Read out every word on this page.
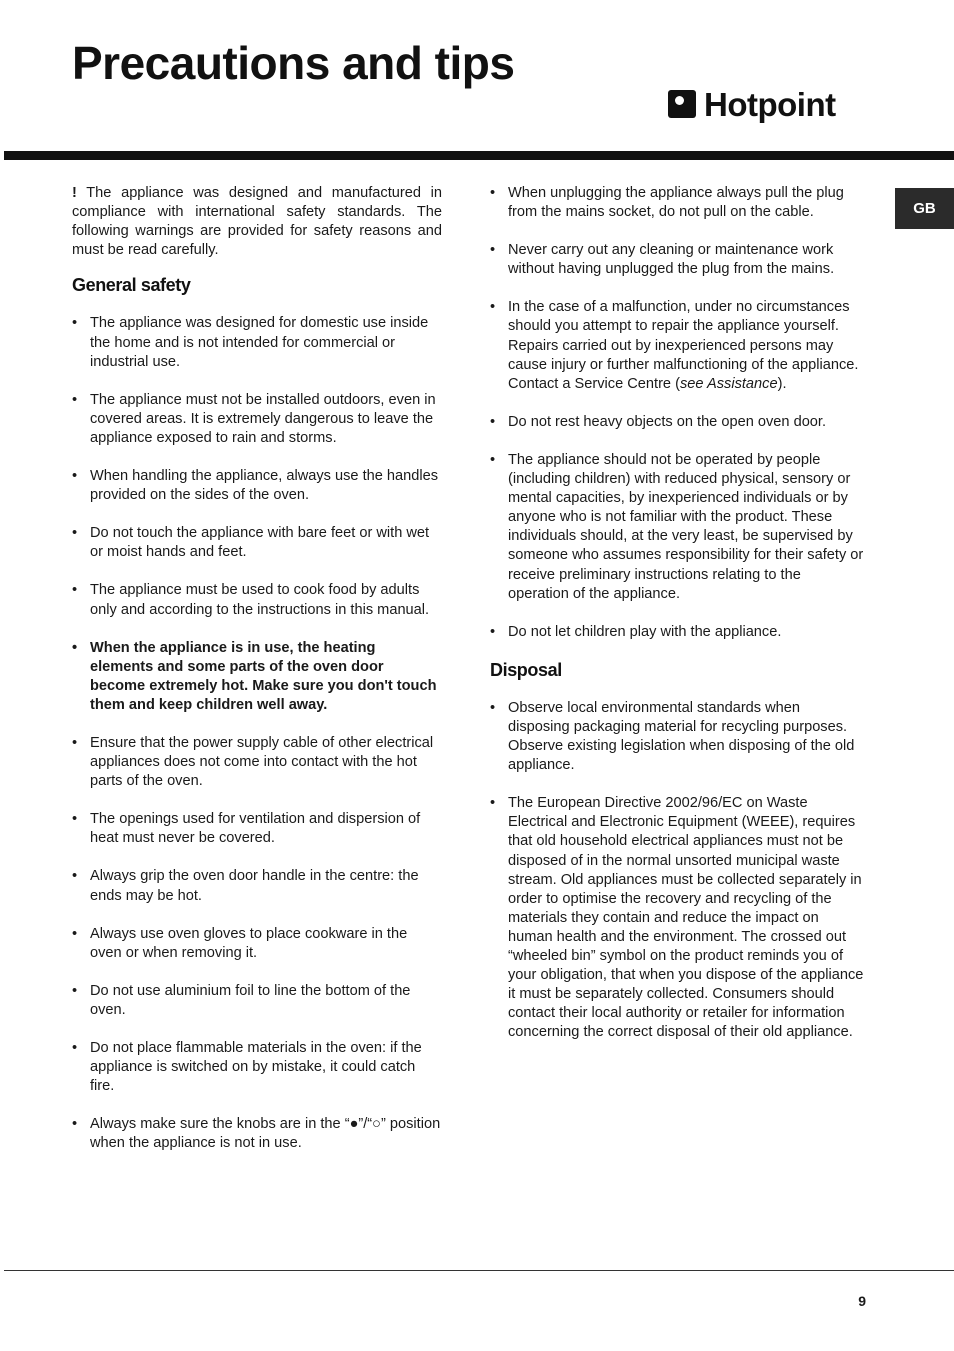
Precautions and tips
Hotpoint
GB

! The appliance was designed and manufactured in compliance with international safety standards. The following warnings are provided for safety reasons and must be read carefully.

General safety
• The appliance was designed for domestic use inside the home and is not intended for commercial or industrial use.
• The appliance must not be installed outdoors, even in covered areas. It is extremely dangerous to leave the appliance exposed to rain and storms.
• When handling the appliance, always use the handles provided on the sides of the oven.
• Do not touch the appliance with bare feet or with wet or moist hands and feet.
• The appliance must be used to cook food by adults only and according to the instructions in this manual.
• When the appliance is in use, the heating elements and some parts of the oven door become extremely hot. Make sure you don't touch them and keep children well away.
• Ensure that the power supply cable of other electrical appliances does not come into contact with the hot parts of the oven.
• The openings used for ventilation and dispersion of heat must never be covered.
• Always grip the oven door handle in the centre: the ends may be hot.
• Always use oven gloves to place cookware in the oven or when removing it.
• Do not use aluminium foil to line the bottom of the oven.
• Do not place flammable materials in the oven: if the appliance is switched on by mistake, it could catch fire.
• Always make sure the knobs are in the “●”/“○” position when the appliance is not in use.
• When unplugging the appliance always pull the plug from the mains socket, do not pull on the cable.
• Never carry out any cleaning or maintenance work without having unplugged the plug from the mains.
• In the case of a malfunction, under no circumstances should you attempt to repair the appliance yourself. Repairs carried out by inexperienced persons may cause injury or further malfunctioning of the appliance. Contact a Service Centre (see Assistance).
• Do not rest heavy objects on the open oven door.
• The appliance should not be operated by people (including children) with reduced physical, sensory or mental capacities, by inexperienced individuals or by anyone who is not familiar with the product. These individuals should, at the very least, be supervised by someone who assumes responsibility for their safety or receive preliminary instructions relating to the operation of the appliance.
• Do not let children play with the appliance.
Disposal
• Observe local environmental standards when disposing packaging material for recycling purposes. Observe existing legislation when disposing of the old appliance.
• The European Directive 2002/96/EC on Waste Electrical and Electronic Equipment (WEEE), requires that old household electrical appliances must not be disposed of in the normal unsorted municipal waste stream. Old appliances must be collected separately in order to optimise the recovery and recycling of the materials they contain and reduce the impact on human health and the environment. The crossed out “wheeled bin” symbol on the product reminds you of your obligation, that when you dispose of the appliance it must be separately collected. Consumers should contact their local authority or retailer for information concerning the correct disposal of their old appliance.
9
